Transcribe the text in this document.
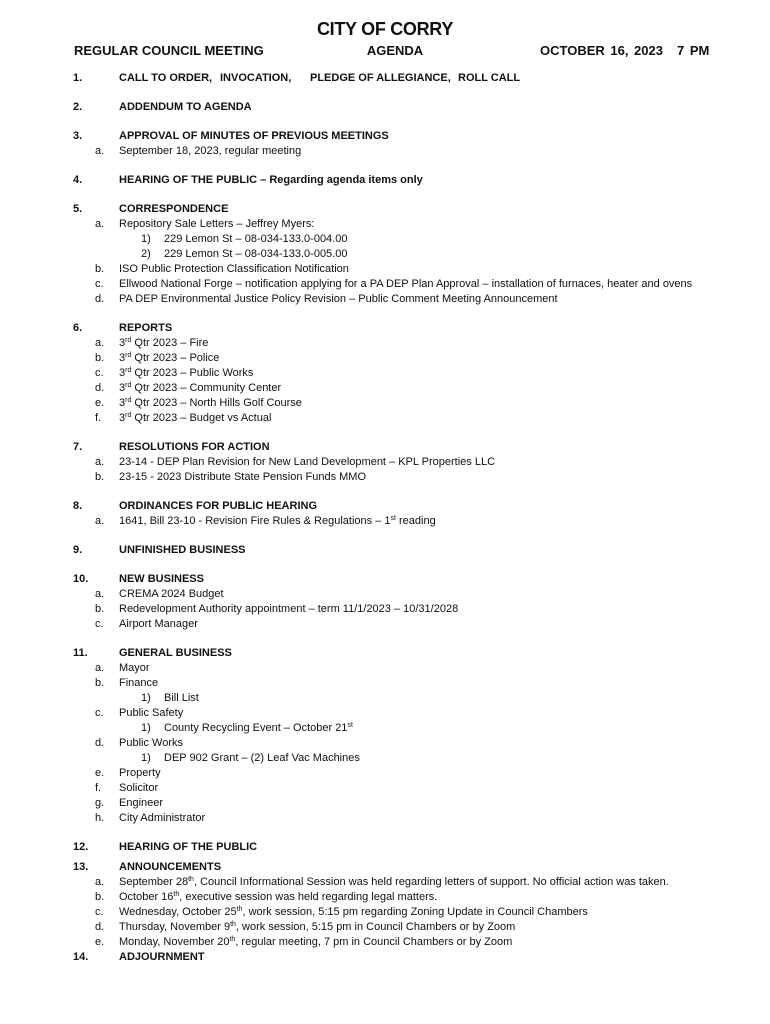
CITY OF CORRY
REGULAR COUNCIL MEETING	AGENDA	OCTOBER 16, 2023 7 PM
1.	CALL TO ORDER, INVOCATION, PLEDGE OF ALLEGIANCE, ROLL CALL
2.	ADDENDUM TO AGENDA
3.	APPROVAL OF MINUTES OF PREVIOUS MEETINGS
a. September 18, 2023, regular meeting
4.	HEARING OF THE PUBLIC – Regarding agenda items only
5.	CORRESPONDENCE
a. Repository Sale Letters – Jeffrey Myers:
1) 229 Lemon St – 08-034-133.0-004.00
2) 229 Lemon St – 08-034-133.0-005.00
b. ISO Public Protection Classification Notification
c. Ellwood National Forge – notification applying for a PA DEP Plan Approval – installation of furnaces, heater and ovens
d. PA DEP Environmental Justice Policy Revision – Public Comment Meeting Announcement
6.	REPORTS
a. 3rd Qtr 2023 – Fire
b. 3rd Qtr 2023 – Police
c. 3rd Qtr 2023 – Public Works
d. 3rd Qtr 2023 – Community Center
e. 3rd Qtr 2023 – North Hills Golf Course
f. 3rd Qtr 2023 – Budget vs Actual
7.	RESOLUTIONS FOR ACTION
a. 23-14 - DEP Plan Revision for New Land Development – KPL Properties LLC
b. 23-15 - 2023 Distribute State Pension Funds MMO
8.	ORDINANCES FOR PUBLIC HEARING
a. 1641, Bill 23-10 - Revision Fire Rules & Regulations – 1st reading
9.	UNFINISHED BUSINESS
10.	NEW BUSINESS
a. CREMA 2024 Budget
b. Redevelopment Authority appointment – term 11/1/2023 – 10/31/2028
c. Airport Manager
11.	GENERAL BUSINESS
a. Mayor
b. Finance
1) Bill List
c. Public Safety
1) County Recycling Event – October 21st
d. Public Works
1) DEP 902 Grant – (2) Leaf Vac Machines
e. Property
f. Solicitor
g. Engineer
h. City Administrator
12.	HEARING OF THE PUBLIC
13.	ANNOUNCEMENTS
a. September 28th, Council Informational Session was held regarding letters of support. No official action was taken.
b. October 16th, executive session was held regarding legal matters.
c. Wednesday, October 25th, work session, 5:15 pm regarding Zoning Update in Council Chambers
d. Thursday, November 9th, work session, 5:15 pm in Council Chambers or by Zoom
e. Monday, November 20th, regular meeting, 7 pm in Council Chambers or by Zoom
14.	ADJOURNMENT
